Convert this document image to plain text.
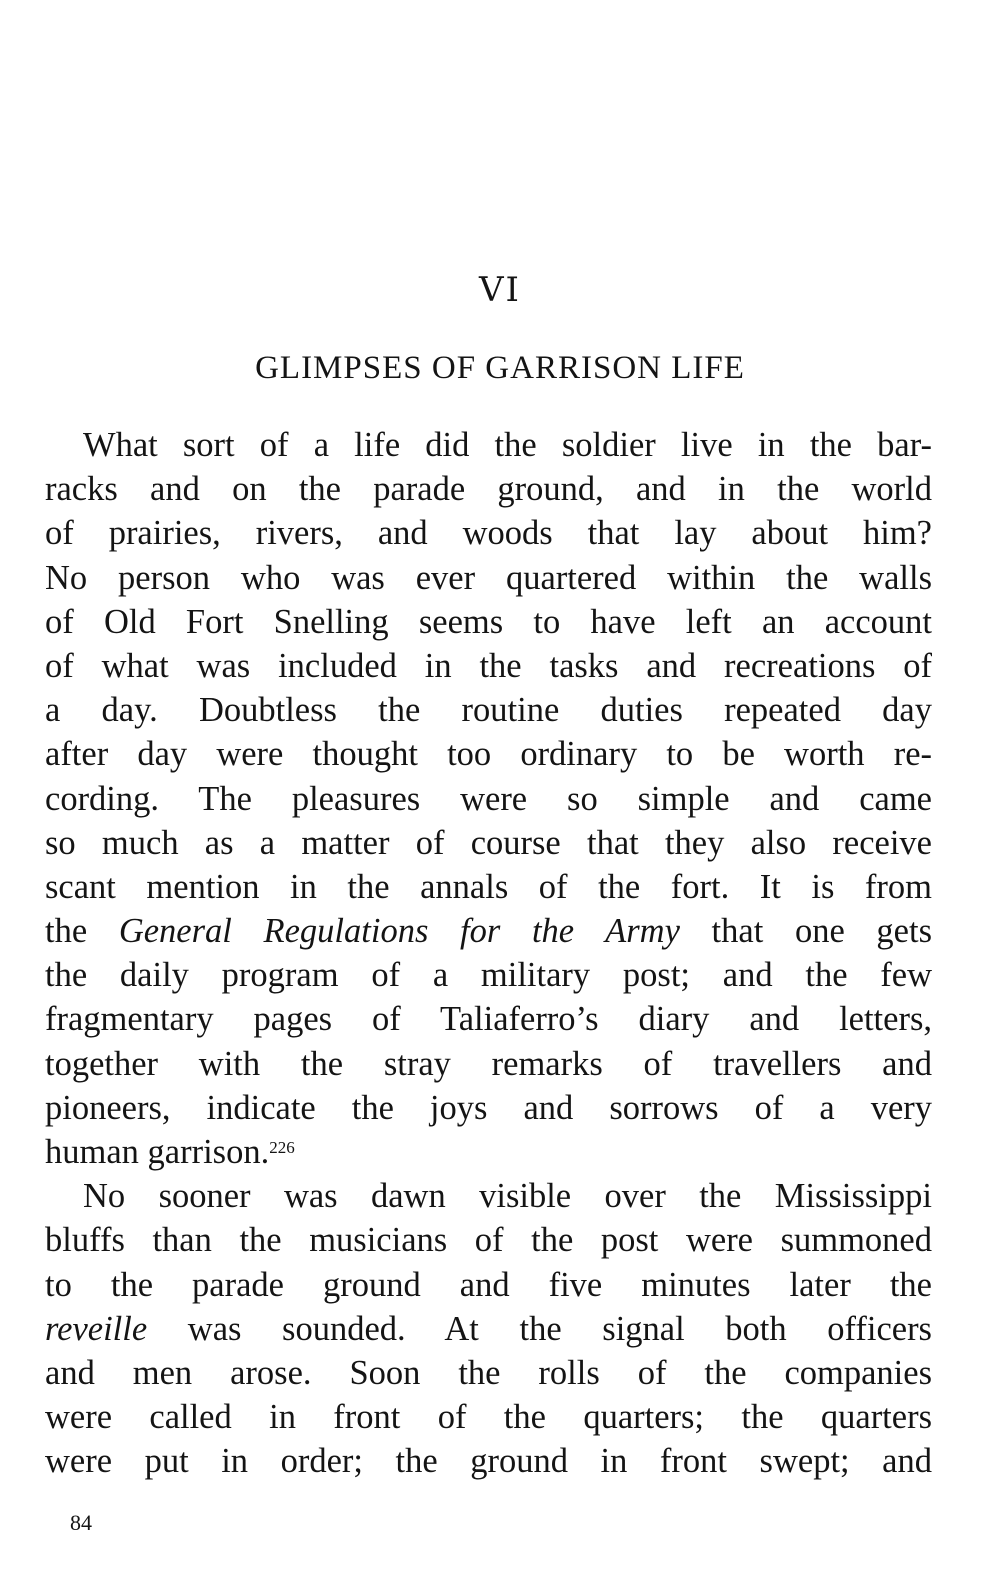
VI
GLIMPSES OF GARRISON LIFE
What sort of a life did the soldier live in the bar-
racks and on the parade ground, and in the world
of prairies, rivers, and woods that lay about him?
No person who was ever quartered within the walls
of Old Fort Snelling seems to have left an account
of what was included in the tasks and recreations of
a day. Doubtless the routine duties repeated day
after day were thought too ordinary to be worth re-
cording. The pleasures were so simple and came
so much as a matter of course that they also receive
scant mention in the annals of the fort. It is from
the General Regulations for the Army that one gets
the daily program of a military post; and the few
fragmentary pages of Taliaferro’s diary and letters,
together with the stray remarks of travellers and
pioneers, indicate the joys and sorrows of a very
human garrison.$^{226}$
No sooner was dawn visible over the Mississippi
bluffs than the musicians of the post were summoned
to the parade ground and five minutes later the
reveille was sounded. At the signal both officers
and men arose. Soon the rolls of the companies
were called in front of the quarters; the quarters
were put in order; the ground in front swept; and

84
